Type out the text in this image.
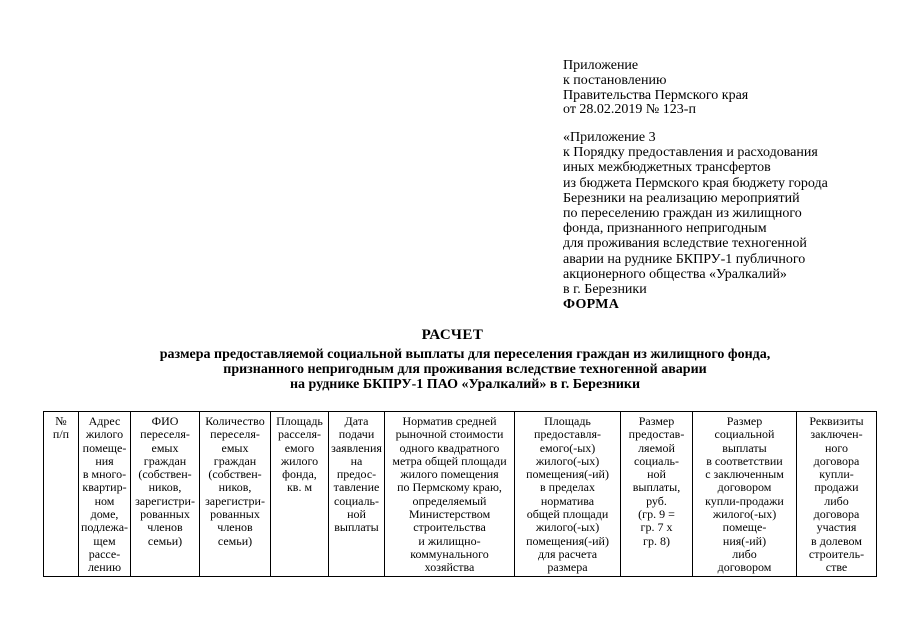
Приложение
к постановлению
Правительства Пермского края
от 28.02.2019 № 123-п
«Приложение 3
к Порядку предоставления и расходования
иных межбюджетных трансфертов
из бюджета Пермского края бюджету города
Березники на реализацию мероприятий
по переселению граждан из жилищного
фонда, признанного непригодным
для проживания вследствие техногенной
аварии на руднике БКПРУ-1 публичного
акционерного общества «Уралкалий»
в г. Березники
ФОРМА
РАСЧЕТ
размера предоставляемой социальной выплаты для переселения граждан из жилищного фонда,
признанного непригодным для проживания вследствие техногенной аварии
на руднике БКПРУ-1 ПАО «Уралкалий» в г. Березники
№
п/п	Адрес
жилого
помеще-
ния
в много-
квартир-
ном
доме,
подлежа-
щем
рассе-
лению	ФИО
переселя-
емых
граждан
(собствен-
ников,
зарегистри-
рованных
членов
семьи)	Количество
переселя-
емых
граждан
(собствен-
ников,
зарегистри-
рованных
членов
семьи)	Площадь
расселя-
емого
жилого
фонда,
кв. м	Дата
подачи
заявления
на
предос-
тавление
социаль-
ной
выплаты	Норматив средней
рыночной стоимости
одного квадратного
метра общей площади
жилого помещения
по Пермскому краю,
определяемый
Министерством
строительства
и жилищно-
коммунального
хозяйства	Площадь
предоставля-
емого(-ых)
жилого(-ых)
помещения(-ий)
в пределах
норматива
общей площади
жилого(-ых)
помещения(-ий)
для расчета
размера	Размер
предостав-
ляемой
социаль-
ной
выплаты,
руб.
(гр. 9 =
гр. 7 х
гр. 8)	Размер
социальной
выплаты
в соответствии
с заключенным
договором
купли-продажи
жилого(-ых)
помеще-
ния(-ий)
либо
договором	Реквизиты
заключен-
ного
договора
купли-
продажи
либо
договора
участия
в долевом
строитель-
стве
